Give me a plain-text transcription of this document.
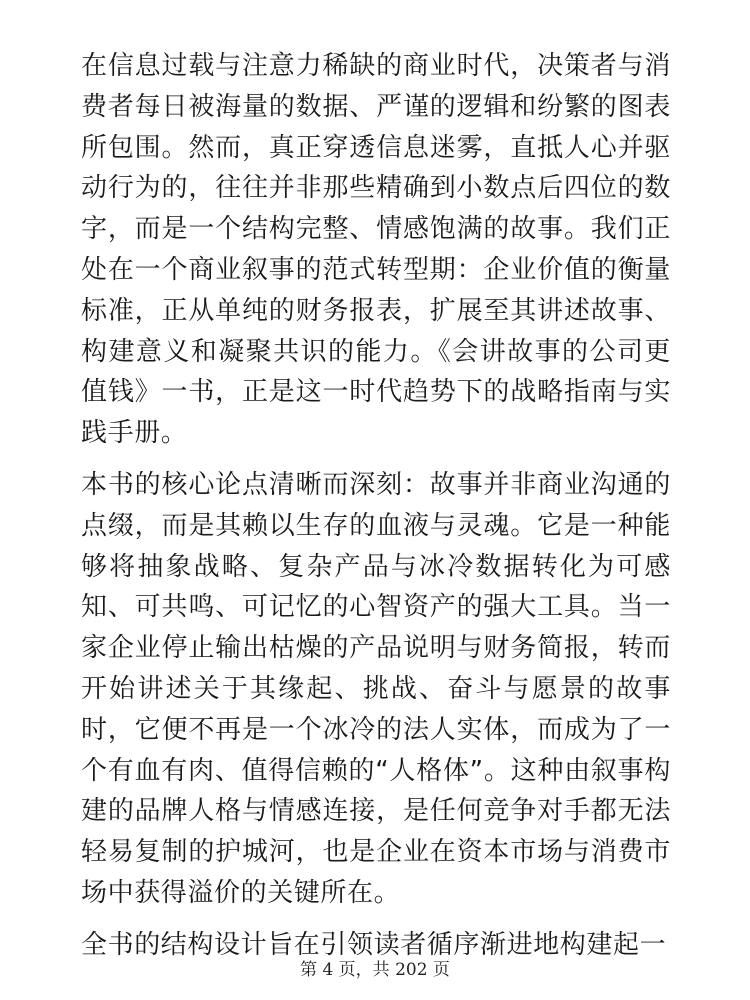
在信息过载与注意力稀缺的商业时代，决策者与消费者每日被海量的数据、严谨的逻辑和纷繁的图表所包围。然而，真正穿透信息迷雾，直抵人心并驱动行为的，往往并非那些精确到小数点后四位的数字，而是一个结构完整、情感饱满的故事。我们正处在一个商业叙事的范式转型期：企业价值的衡量标准，正从单纯的财务报表，扩展至其讲述故事、构建意义和凝聚共识的能力。《会讲故事的公司更值钱》一书，正是这一时代趋势下的战略指南与实践手册。

本书的核心论点清晰而深刻：故事并非商业沟通的点缀，而是其赖以生存的血液与灵魂。它是一种能够将抽象战略、复杂产品与冰冷数据转化为可感知、可共鸣、可记忆的心智资产的强大工具。当一家企业停止输出枯燥的产品说明与财务简报，转而开始讲述关于其缘起、挑战、奋斗与愿景的故事时，它便不再是一个冰冷的法人实体，而成为了一个有血有肉、值得信赖的“人格体”。这种由叙事构建的品牌人格与情感连接，是任何竞争对手都无法轻易复制的护城河，也是企业在资本市场与消费市场中获得溢价的关键所在。

全书的结构设计旨在引领读者循序渐进地构建起一

第 4 页，共 202 页
